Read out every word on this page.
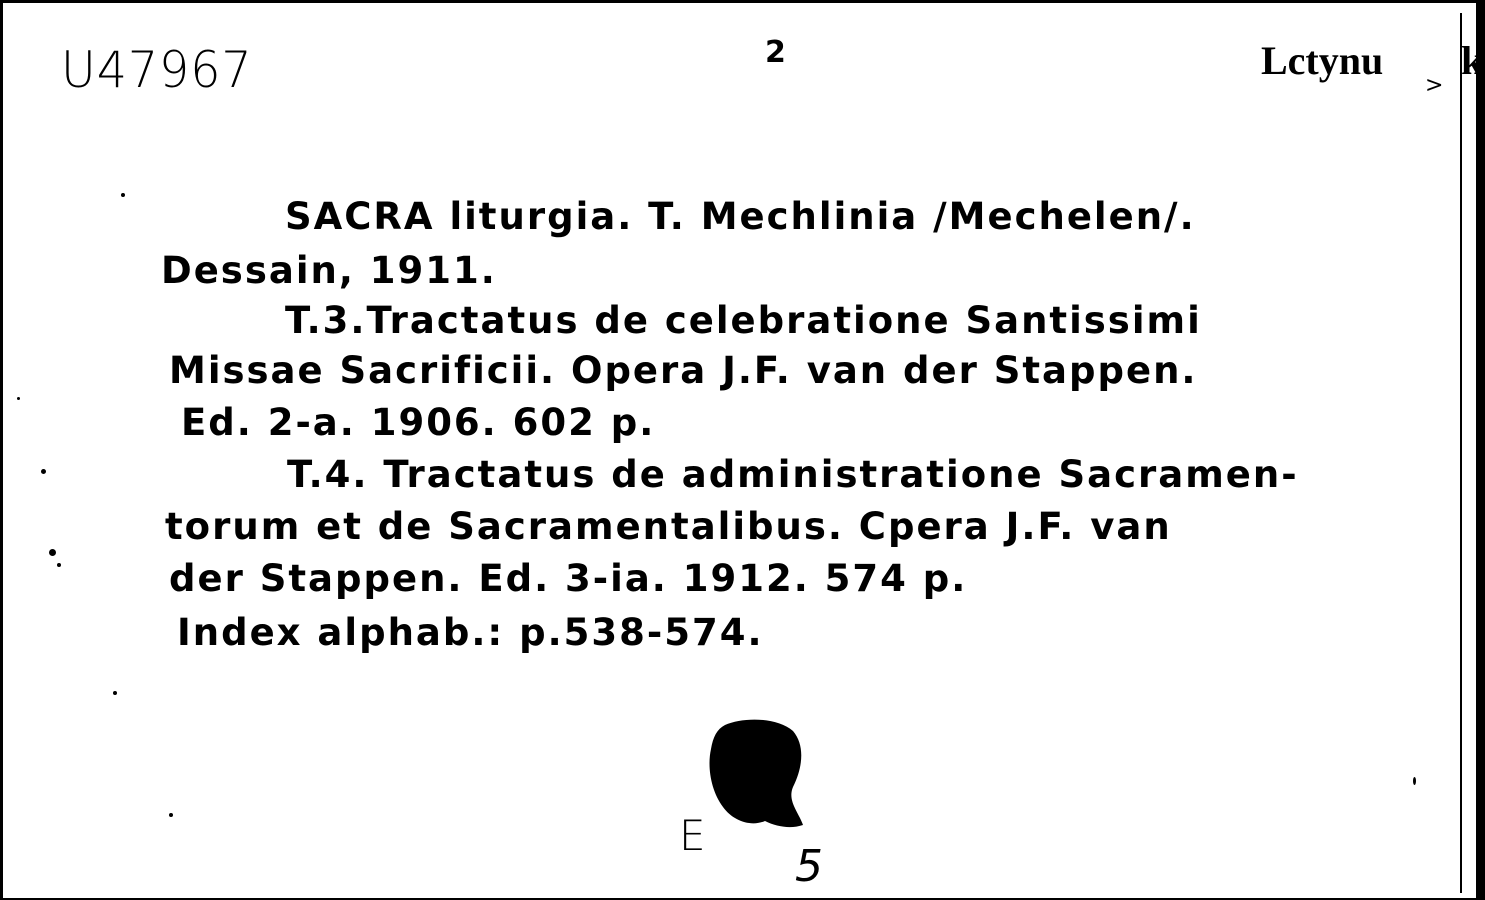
U47967	2	Lctynu
>
k
SACRA liturgia. T. Mechlinia /Mechelen/.
Dessain, 1911.
T.3.Tractatus de celebratione Santissimi
Missae Sacrificii. Opera J.F. van der Stappen.
Ed. 2-a. 1906. 602 p.
T.4. Tractatus de administratione Sacramen-
torum et de Sacramentalibus. Cpera J.F. van
der Stappen. Ed. 3-ia. 1912. 574 p.
Index alphab.: p.538-574.
E
5
